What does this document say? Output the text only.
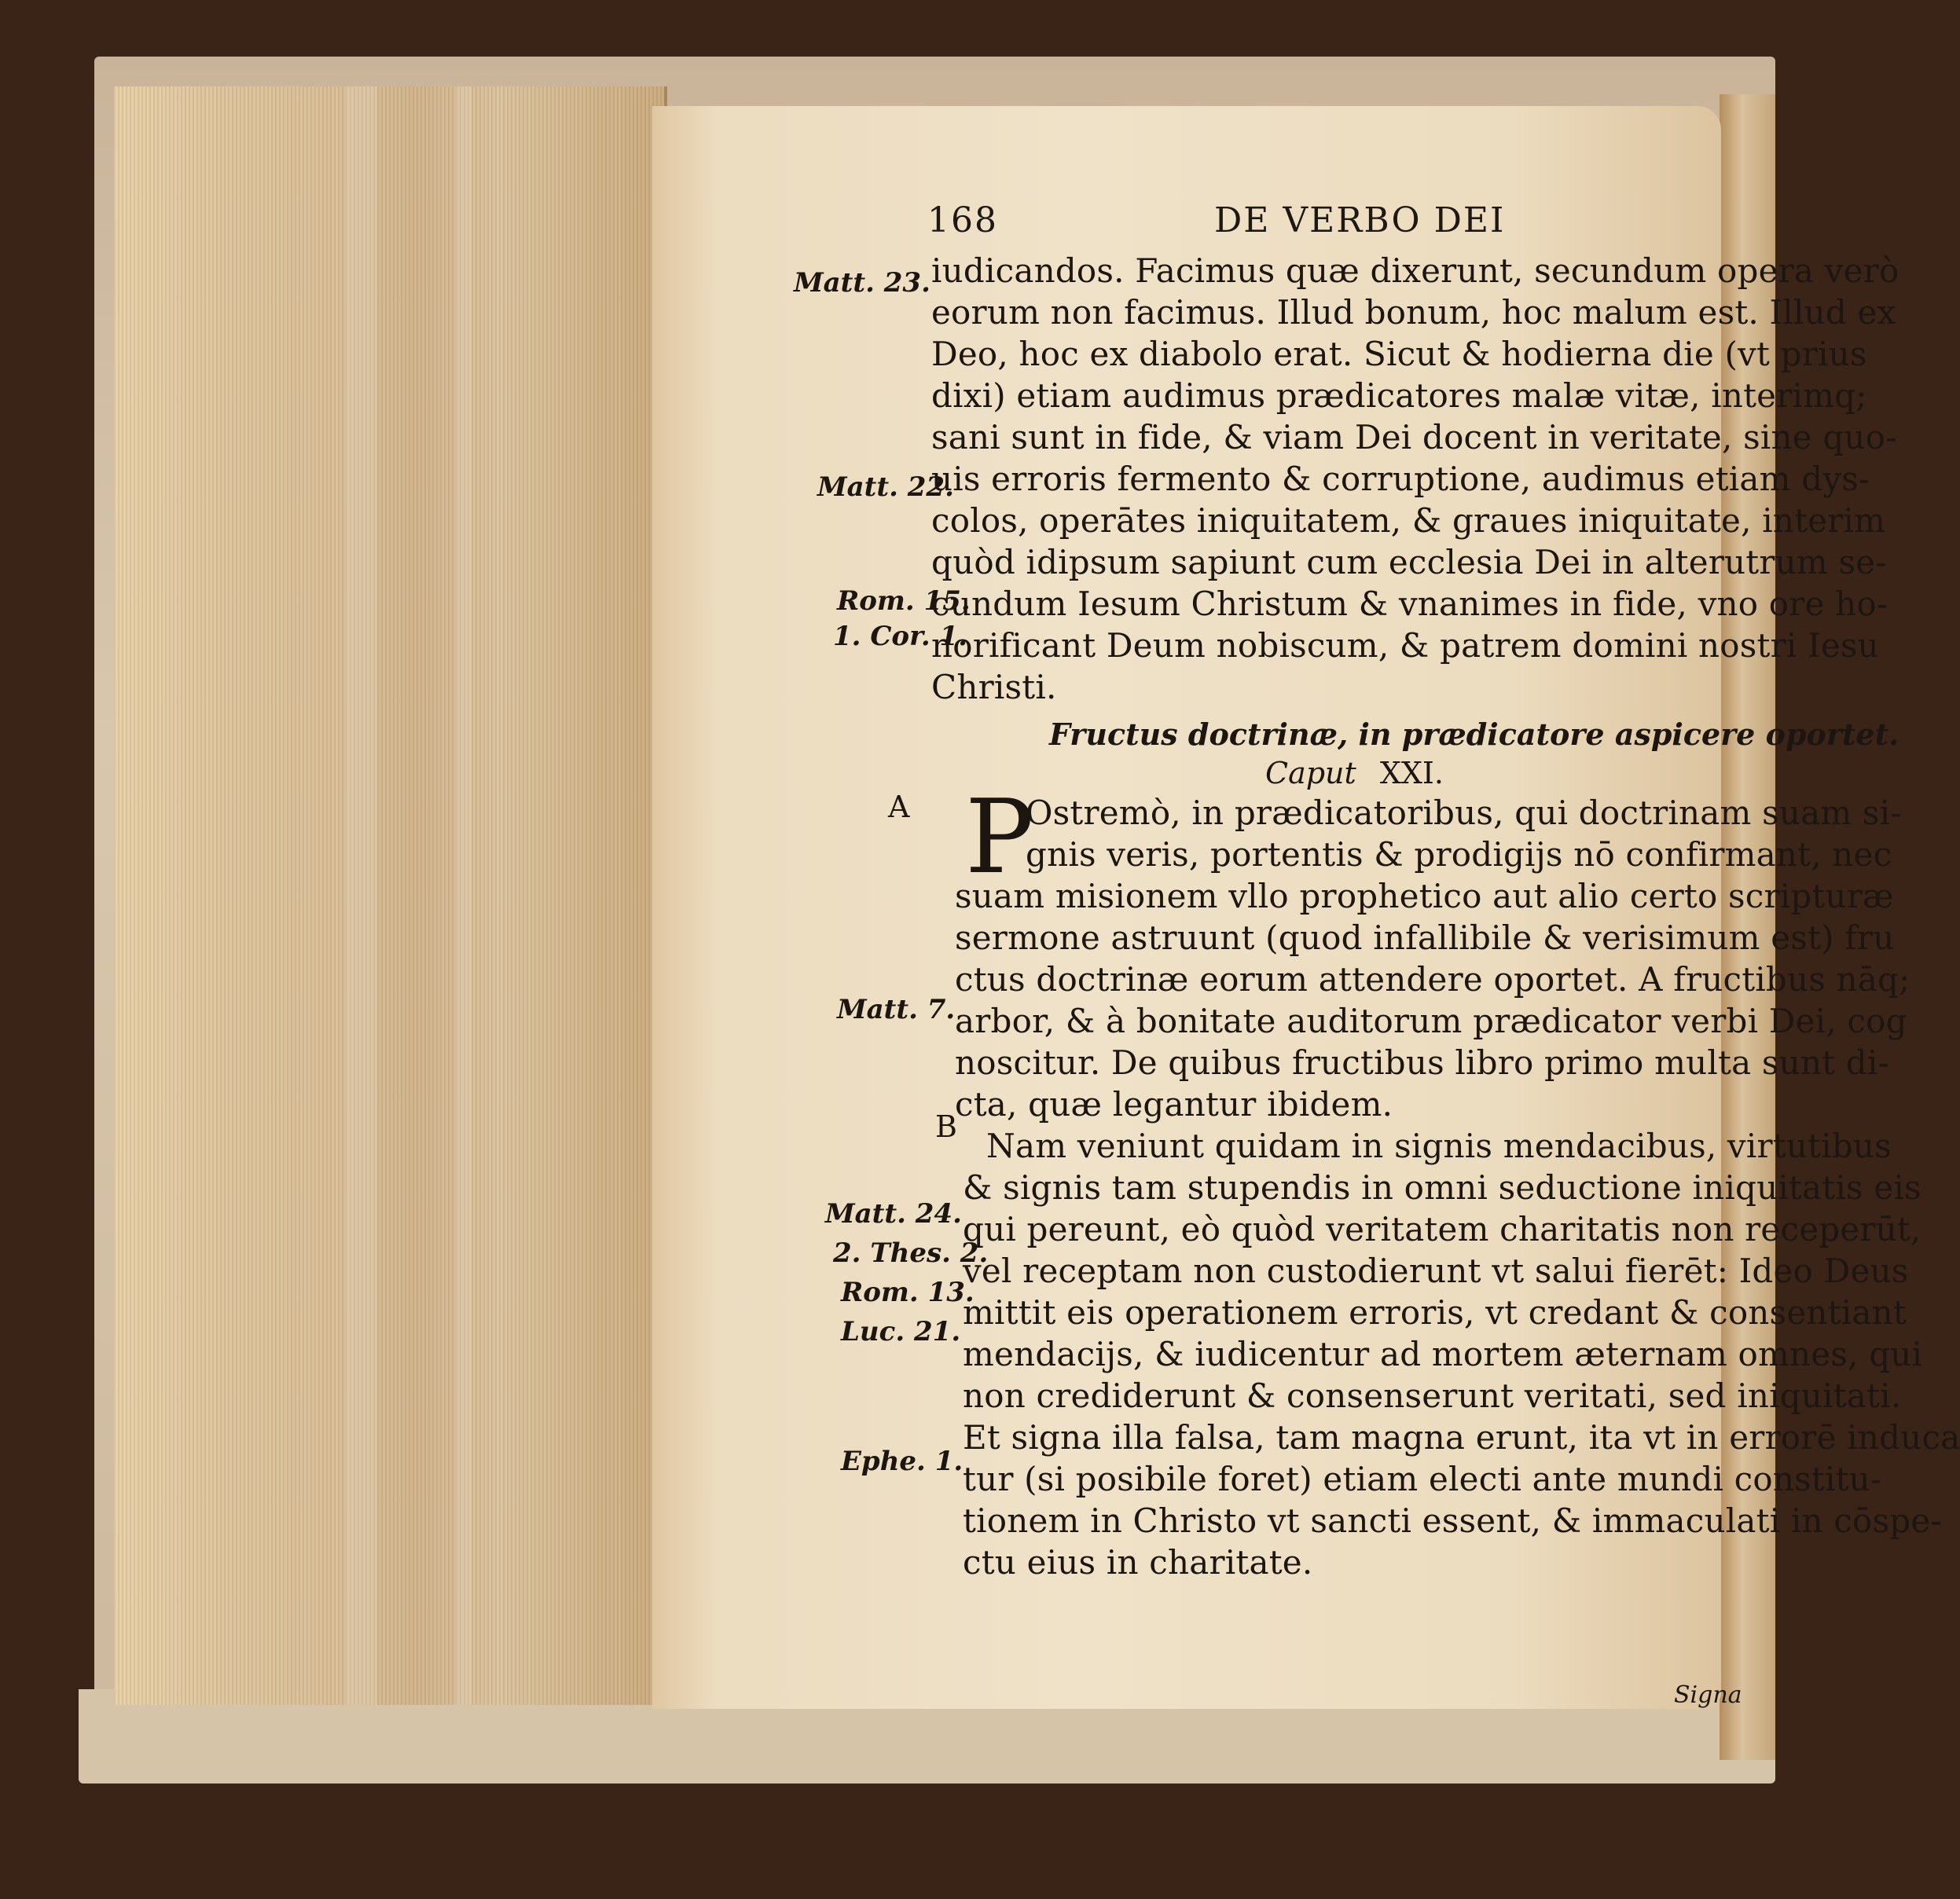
168	DE VERBO DEI
iudicandos. Facimus quæ dixerunt, secundum opera verò
eorum non facimus. Illud bonum, hoc malum est. Illud ex
Deo, hoc ex diabolo erat. Sicut & hodierna die (vt prius
dixi) etiam audimus prædicatores malæ vitæ, interimq;
sani sunt in fide, & viam Dei docent in veritate, sine quo-
uis erroris fermento & corruptione, audimus etiam dys-
colos, operātes iniquitatem, & graues iniquitate, interim
quòd idipsum sapiunt cum ecclesia Dei in alterutrum se-
cundum Iesum Christum & vnanimes in fide, vno ore ho-
norificant Deum nobiscum, & patrem domini nostri Iesu
Christi.
Fructus doctrinæ, in prædicatore aspicere oportet.
Caput XXI.
P
Ostremò, in prædicatoribus, qui doctrinam suam si-
gnis veris, portentis & prodigijs nō confirmant, nec
suam misionem vllo prophetico aut alio certo scripturæ
sermone astruunt (quod infallibile & verisimum est) fru
ctus doctrinæ eorum attendere oportet. A fructibus nāq;
arbor, & à bonitate auditorum prædicator verbi Dei, cog
noscitur. De quibus fructibus libro primo multa sunt di-
cta, quæ legantur ibidem.
Nam veniunt quidam in signis mendacibus, virtutibus
& signis tam stupendis in omni seductione iniquitatis eis
qui pereunt, eò quòd veritatem charitatis non receperūt,
vel receptam non custodierunt vt salui fierēt: Ideo Deus
mittit eis operationem erroris, vt credant & consentiant
mendacijs, & iudicentur ad mortem æternam omnes, qui
non crediderunt & consenserunt veritati, sed iniquitati.
Et signa illa falsa, tam magna erunt, ita vt in errorē induca
tur (si posibile foret) etiam electi ante mundi constitu-
tionem in Christo vt sancti essent, & immaculati in cōspe-
ctu eius in charitate.
Matt. 23.
Matt. 22.
Rom. 15.
1. Cor. 1.
Matt. 7.
Matt. 24.
2. Thes. 2.
Rom. 13.
Luc. 21.
Ephe. 1.
A
B
Signa
